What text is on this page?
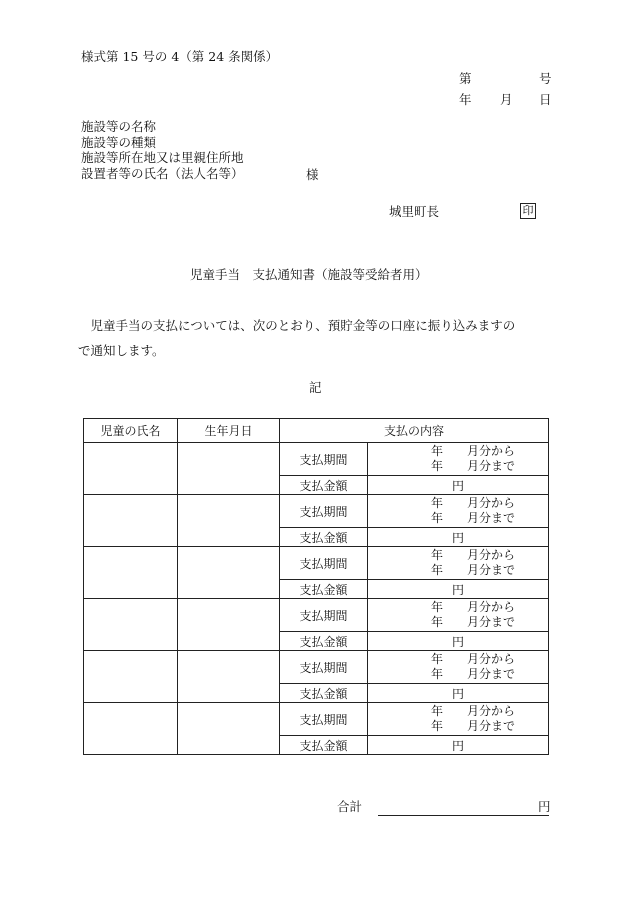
様式第 15 号の 4（第 24 条関係）
第	号
年 月 日
施設等の名称
施設等の種類
施設等所在地又は里親住所地
設置者等の氏名（法人名等）	様
城里町長	印
児童手当　支払通知書（施設等受給者用）
　児童手当の支払については、次のとおり、預貯金等の口座に振り込みますの
で通知します。
記
児童の氏名	生年月日	支払の内容	
		支払期間	年　　月分から
年　　月分まで

		支払金額	円
		支払期間	年　　月分から
年　　月分まで

		支払金額	円
		支払期間	年　　月分から
年　　月分まで

		支払金額	円
		支払期間	年　　月分から
年　　月分まで

		支払金額	円
		支払期間	年　　月分から
年　　月分まで

		支払金額	円
		支払期間	年　　月分から
年　　月分まで

		支払金額	円
合計	円
